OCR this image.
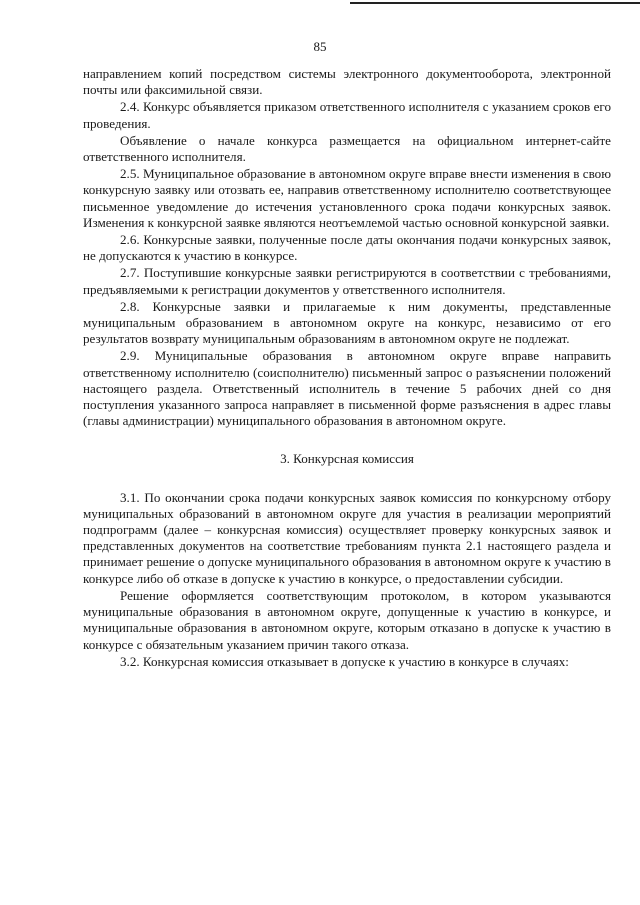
85

направлением копий посредством системы электронного документооборота, электронной почты или факсимильной связи.

2.4. Конкурс объявляется приказом ответственного исполнителя с указанием сроков его проведения.

Объявление о начале конкурса размещается на официальном интернет-сайте ответственного исполнителя.

2.5. Муниципальное образование в автономном округе вправе внести изменения в свою конкурсную заявку или отозвать ее, направив ответственному исполнителю соответствующее письменное уведомление до истечения установленного срока подачи конкурсных заявок. Изменения к конкурсной заявке являются неотъемлемой частью основной конкурсной заявки.

2.6. Конкурсные заявки, полученные после даты окончания подачи конкурсных заявок, не допускаются к участию в конкурсе.

2.7. Поступившие конкурсные заявки регистрируются в соответствии с требованиями, предъявляемыми к регистрации документов у ответственного исполнителя.

2.8. Конкурсные заявки и прилагаемые к ним документы, представленные муниципальным образованием в автономном округе на конкурс, независимо от его результатов возврату муниципальным образованиям в автономном округе не подлежат.

2.9. Муниципальные образования в автономном округе вправе направить ответственному исполнителю (соисполнителю) письменный запрос о разъяснении положений настоящего раздела. Ответственный исполнитель в течение 5 рабочих дней со дня поступления указанного запроса направляет в письменной форме разъяснения в адрес главы (главы администрации) муниципального образования в автономном округе.

3. Конкурсная комиссия

3.1. По окончании срока подачи конкурсных заявок комиссия по конкурсному отбору муниципальных образований в автономном округе для участия в реализации мероприятий подпрограмм (далее – конкурсная комиссия) осуществляет проверку конкурсных заявок и представленных документов на соответствие требованиям пункта 2.1 настоящего раздела и принимает решение о допуске муниципального образования в автономном округе к участию в конкурсе либо об отказе в допуске к участию в конкурсе, о предоставлении субсидии.

Решение оформляется соответствующим протоколом, в котором указываются муниципальные образования в автономном округе, допущенные к участию в конкурсе, и муниципальные образования в автономном округе, которым отказано в допуске к участию в конкурсе с обязательным указанием причин такого отказа.

3.2. Конкурсная комиссия отказывает в допуске к участию в конкурсе в случаях:
